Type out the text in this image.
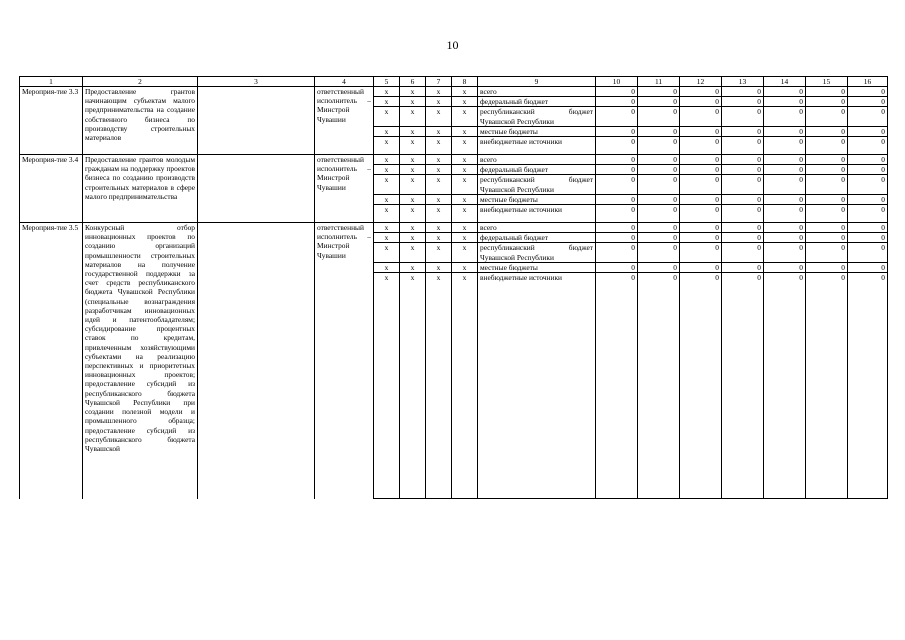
10
1	2	3	4	5	6	7	8	9	10	11	12	13	14	15	16
Мероприя-тие 3.3	Предоставление грантов начинающим субъектам малого предпринимательства на создание собственного бизнеса по производству строительных материалов		ответственный исполнитель – Минстрой Чувашии	x	x	x	x	всего	0	0	0	0	0	0	0
				x	x	x	x	федеральный бюджет	0	0	0	0	0	0	0
				x	x	x	x	республиканский бюджет Чувашской Республики	0	0	0	0	0	0	0
				x	x	x	x	местные бюджеты	0	0	0	0	0	0	0
				x	x	x	x	внебюджетные источники	0	0	0	0	0	0	0
Мероприя-тие 3.4	Предоставление грантов молодым гражданам на поддержку проектов бизнеса по созданию производств строительных материалов в сфере малого предпринимательства		ответственный исполнитель – Минстрой Чувашии	x	x	x	x	всего	0	0	0	0	0	0	0
				x	x	x	x	федеральный бюджет	0	0	0	0	0	0	0
				x	x	x	x	республиканский бюджет Чувашской Республики	0	0	0	0	0	0	0
				x	x	x	x	местные бюджеты	0	0	0	0	0	0	0
				x	x	x	x	внебюджетные источники	0	0	0	0	0	0	0
Мероприя-тие 3.5	Конкурсный отбор инновационных проектов по созданию организаций промышленности строительных материалов на получение государственной поддержки за счет средств республиканского бюджета Чувашской Республики (специальные вознаграждения разработчикам инновационных идей и патентообладателям; субсидирование процентных ставок по кредитам, привлеченным хозяйствующими субъектами на реализацию перспективных и приоритетных инновационных проектов; предоставление субсидий из республиканского бюджета Чувашской Республики при создании полезной модели и промышленного образца; предоставление субсидий из республиканского бюджета Чувашской		ответственный исполнитель – Минстрой Чувашии	x	x	x	x	всего	0	0	0	0	0	0	0
				x	x	x	x	федеральный бюджет	0	0	0	0	0	0	0
				x	x	x	x	республиканский бюджет Чувашской Республики	0	0	0	0	0	0	0
				x	x	x	x	местные бюджеты	0	0	0	0	0	0	0
				x	x	x	x	внебюджетные источники	0	0	0	0	0	0	0
